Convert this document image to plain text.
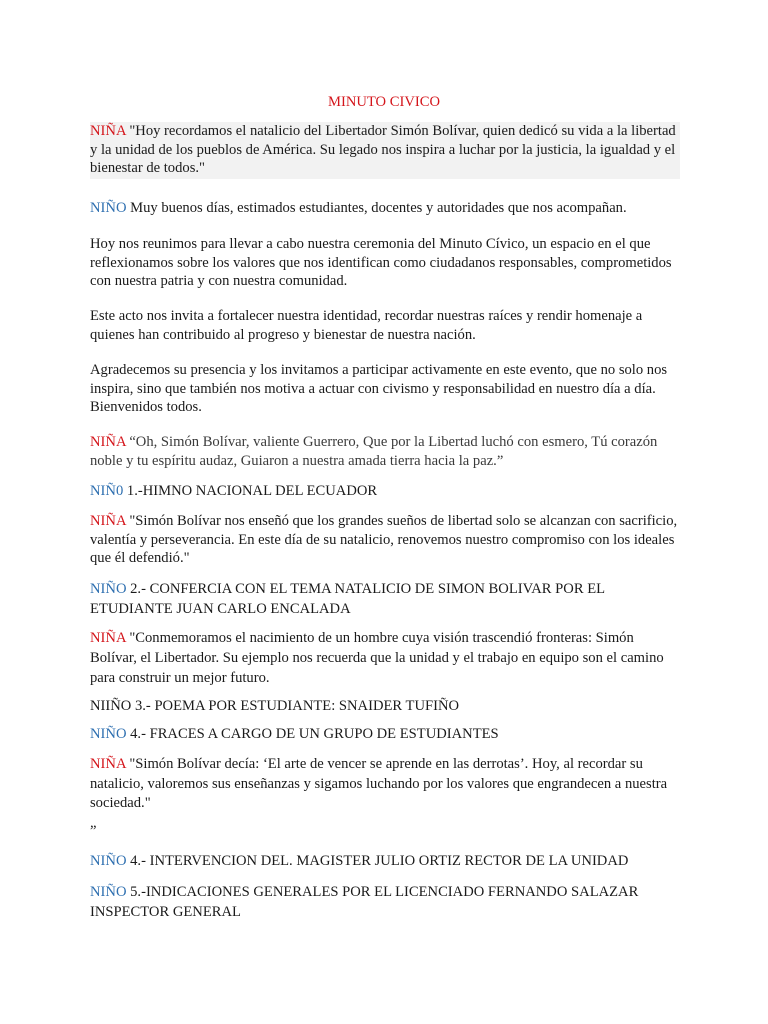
MINUTO CIVICO

NIÑA "Hoy recordamos el natalicio del Libertador Simón Bolívar, quien dedicó su vida a la libertad y la unidad de los pueblos de América. Su legado nos inspira a luchar por la justicia, la igualdad y el bienestar de todos."

NIÑO Muy buenos días, estimados estudiantes, docentes y autoridades que nos acompañan.

Hoy nos reunimos para llevar a cabo nuestra ceremonia del Minuto Cívico, un espacio en el que reflexionamos sobre los valores que nos identifican como ciudadanos responsables, comprometidos con nuestra patria y con nuestra comunidad.

Este acto nos invita a fortalecer nuestra identidad, recordar nuestras raíces y rendir homenaje a quienes han contribuido al progreso y bienestar de nuestra nación.

Agradecemos su presencia y los invitamos a participar activamente en este evento, que no solo nos inspira, sino que también nos motiva a actuar con civismo y responsabilidad en nuestro día a día. Bienvenidos todos.

NIÑA “Oh, Simón Bolívar, valiente Guerrero, Que por la Libertad luchó con esmero, Tú corazón noble y tu espíritu audaz, Guiaron a nuestra amada tierra hacia la paz.”

NIÑ0 1.-HIMNO NACIONAL DEL ECUADOR

NIÑA "Simón Bolívar nos enseñó que los grandes sueños de libertad solo se alcanzan con sacrificio, valentía y perseverancia. En este día de su natalicio, renovemos nuestro compromiso con los ideales que él defendió."

NIÑO 2.- CONFERCIA CON EL TEMA NATALICIO DE SIMON BOLIVAR POR EL ETUDIANTE JUAN CARLO ENCALADA

NIÑA "Conmemoramos el nacimiento de un hombre cuya visión trascendió fronteras: Simón Bolívar, el Libertador. Su ejemplo nos recuerda que la unidad y el trabajo en equipo son el camino para construir un mejor futuro.

NIIÑO 3.- POEMA POR ESTUDIANTE: SNAIDER TUFIÑO

NIÑO 4.- FRACES A CARGO DE UN GRUPO DE ESTUDIANTES

NIÑA "Simón Bolívar decía: ‘El arte de vencer se aprende en las derrotas’. Hoy, al recordar su natalicio, valoremos sus enseñanzas y sigamos luchando por los valores que engrandecen a nuestra sociedad."

”

NIÑO 4.- INTERVENCION DEL. MAGISTER JULIO ORTIZ RECTOR DE LA UNIDAD

NIÑO 5.-INDICACIONES GENERALES POR EL LICENCIADO FERNANDO SALAZAR INSPECTOR GENERAL
